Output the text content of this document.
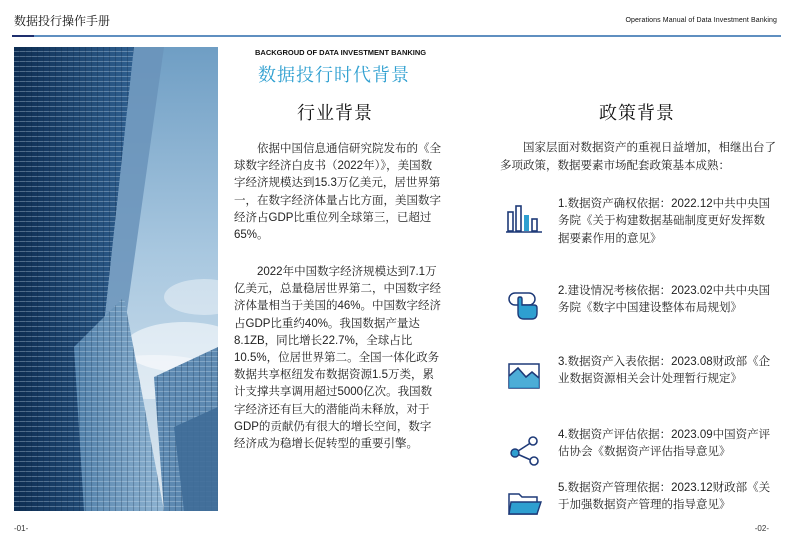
数据投行操作手册	Operations Manual of Data Investment Banking
BACKGROUD OF DATA INVESTMENT BANKING
数据投行时代背景
行业背景

依据中国信息通信研究院发布的《全球数字经济白皮书（2022年）》，美国数字经济规模达到15.3万亿美元，居世界第一，在数字经济体量占比方面，美国数字经济占GDP比重位列全球第三，已超过65%。

2022年中国数字经济规模达到7.1万亿美元，总量稳居世界第二，中国数字经济体量相当于美国的46%。中国数字经济占GDP比重约40%。我国数据产量达8.1ZB，同比增长22.7%，全球占比10.5%，位居世界第二。全国一体化政务数据共享枢纽发布数据资源1.5万类，累计支撑共享调用超过5000亿次。我国数字经济还有巨大的潜能尚未释放，对于GDP的贡献仍有很大的增长空间，数字经济成为稳增长促转型的重要引擎。

政策背景
国家层面对数据资产的重视日益增加，相继出台了多项政策，数据要素市场配套政策基本成熟：
1.数据资产确权依据：2022.12中共中央国务院《关于构建数据基础制度更好发挥数据要素作用的意见》
2.建设情况考核依据：2023.02中共中央国务院《数字中国建设整体布局规划》
3.数据资产入表依据：2023.08财政部《企业数据资源相关会计处理暂行规定》
4.数据资产评估依据：2023.09中国资产评估协会《数据资产评估指导意见》
5.数据资产管理依据：2023.12财政部《关于加强数据资产管理的指导意见》
-01-	-02-
